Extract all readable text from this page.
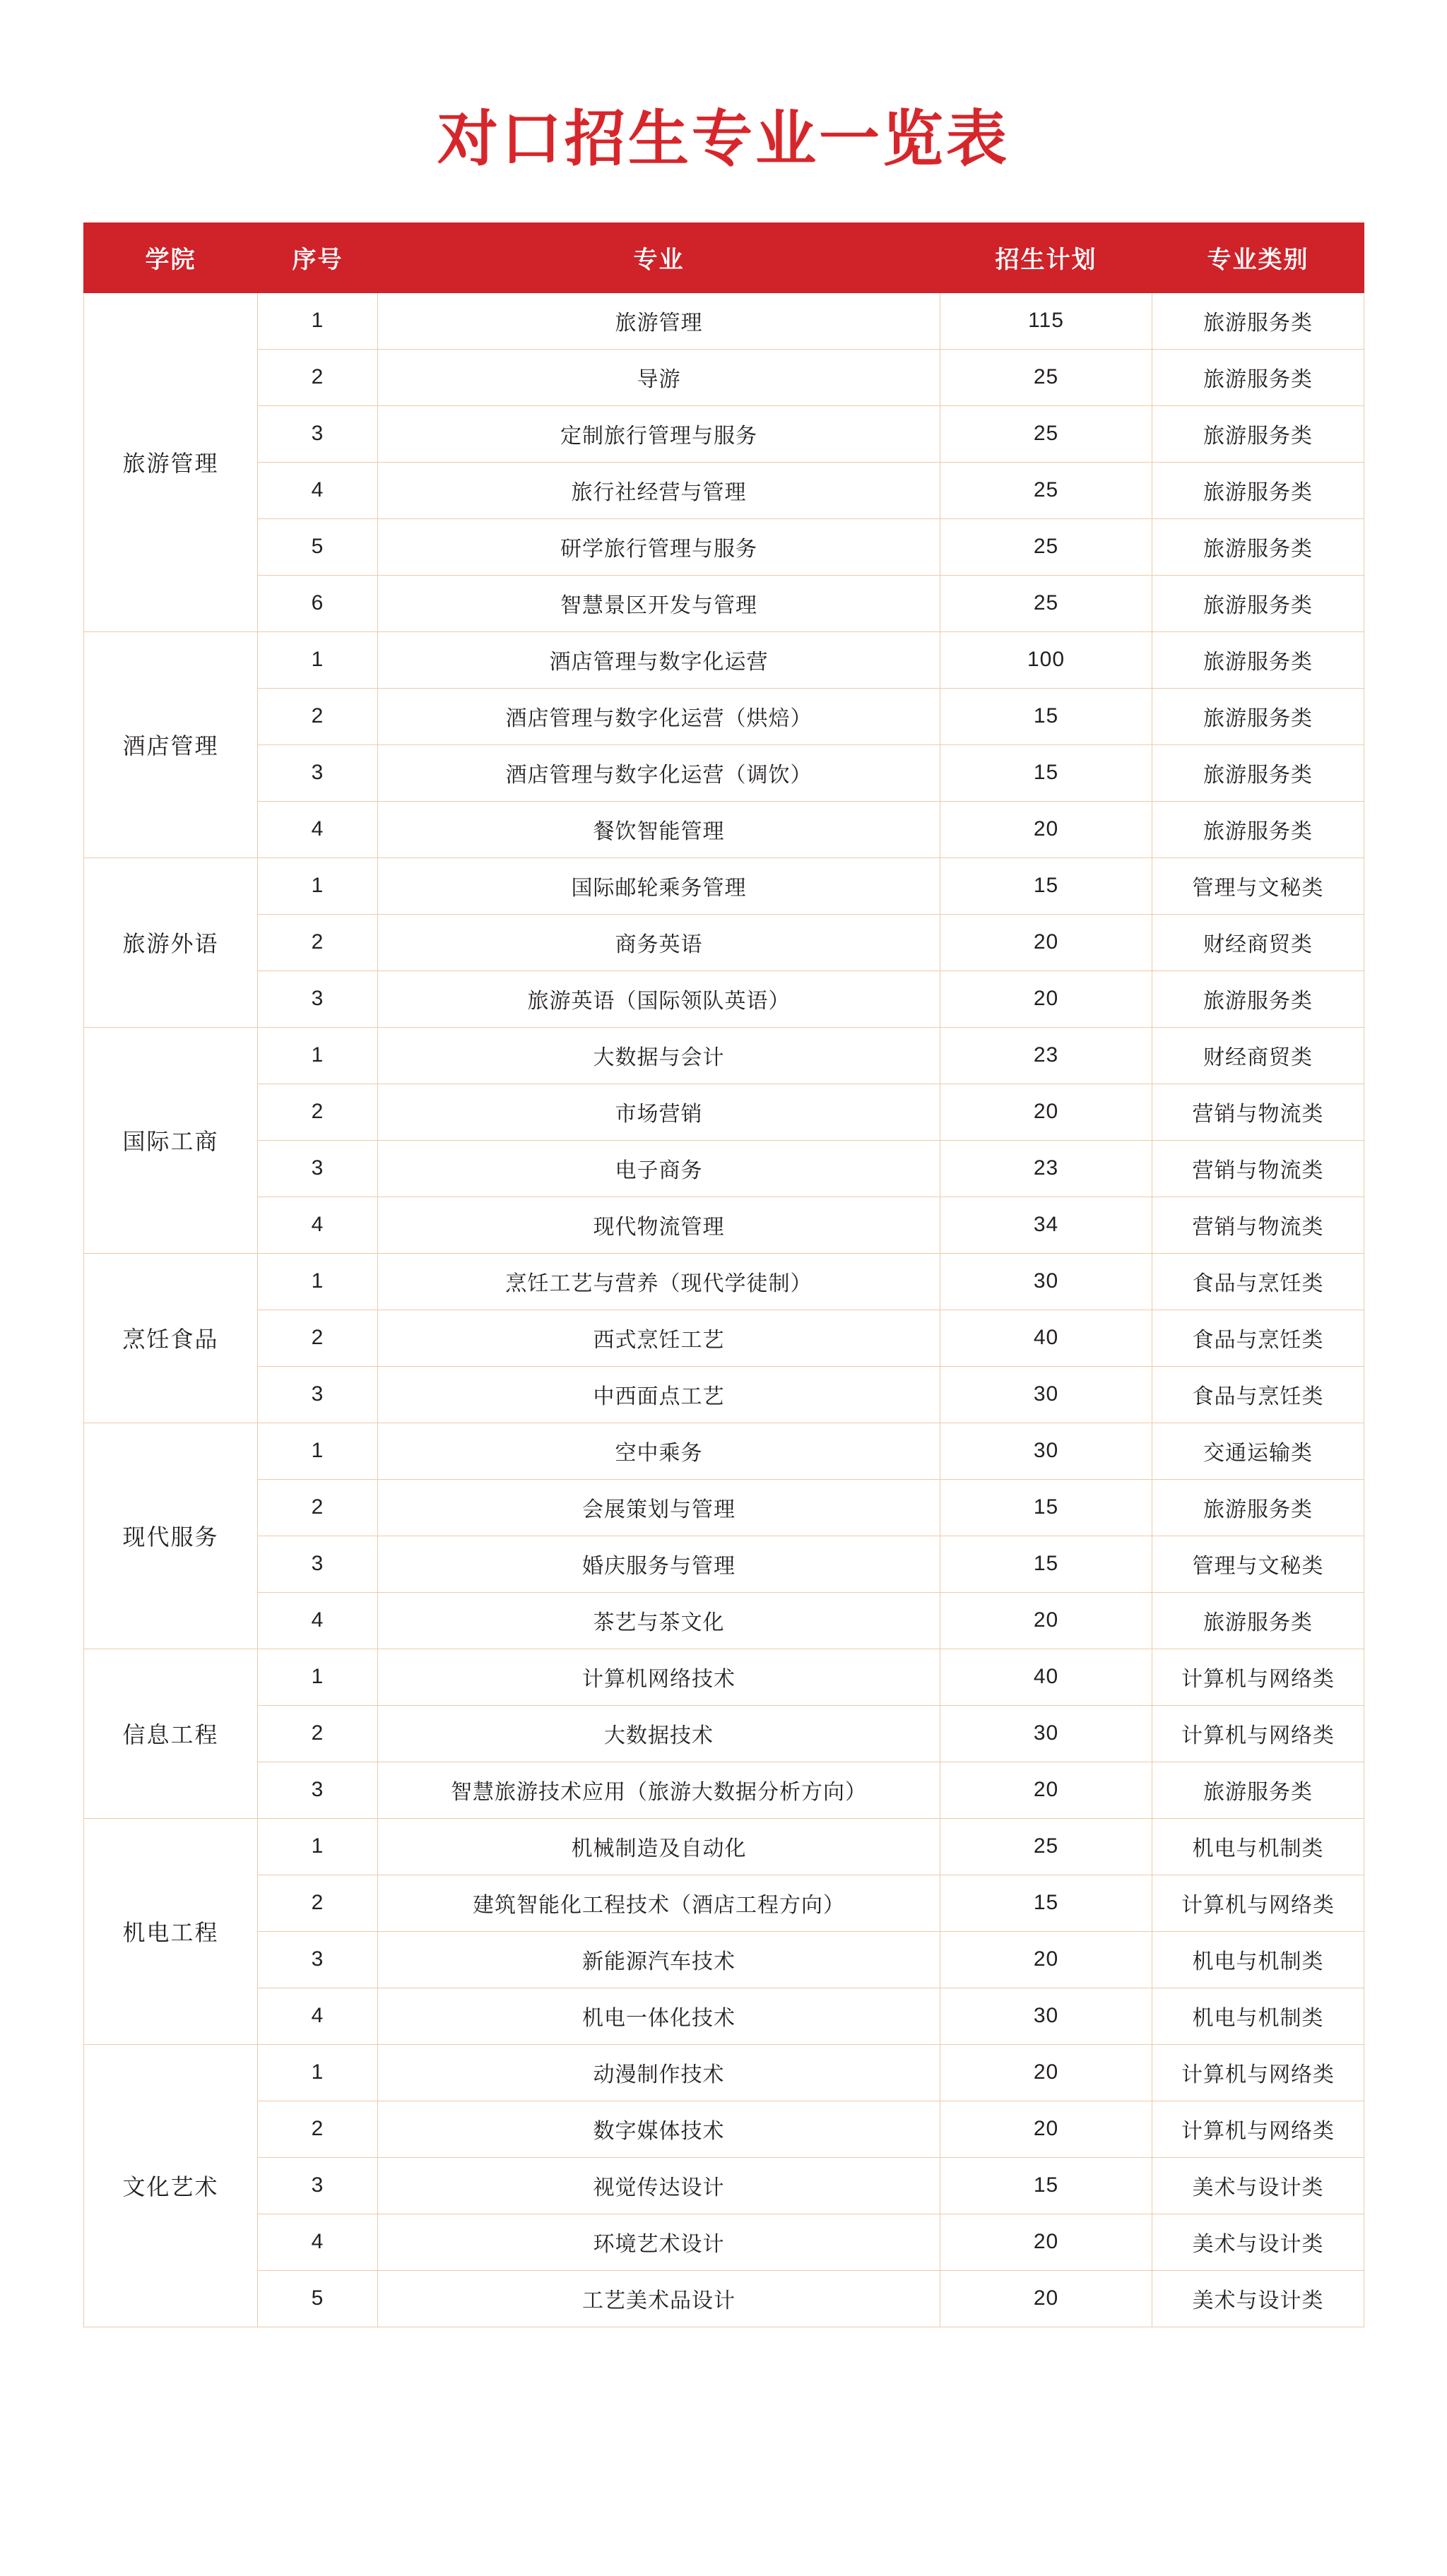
对口招生专业一览表
学院	序号	专业	招生计划	专业类别
旅游管理	1	旅游管理	115	旅游服务类
	2	导游	25	旅游服务类
	3	定制旅行管理与服务	25	旅游服务类
	4	旅行社经营与管理	25	旅游服务类
	5	研学旅行管理与服务	25	旅游服务类
	6	智慧景区开发与管理	25	旅游服务类
酒店管理	1	酒店管理与数字化运营	100	旅游服务类
	2	酒店管理与数字化运营（烘焙）	15	旅游服务类
	3	酒店管理与数字化运营（调饮）	15	旅游服务类
	4	餐饮智能管理	20	旅游服务类
旅游外语	1	国际邮轮乘务管理	15	管理与文秘类
	2	商务英语	20	财经商贸类
	3	旅游英语（国际领队英语）	20	旅游服务类
国际工商	1	大数据与会计	23	财经商贸类
	2	市场营销	20	营销与物流类
	3	电子商务	23	营销与物流类
	4	现代物流管理	34	营销与物流类
烹饪食品	1	烹饪工艺与营养（现代学徒制）	30	食品与烹饪类
	2	西式烹饪工艺	40	食品与烹饪类
	3	中西面点工艺	30	食品与烹饪类
现代服务	1	空中乘务	30	交通运输类
	2	会展策划与管理	15	旅游服务类
	3	婚庆服务与管理	15	管理与文秘类
	4	茶艺与茶文化	20	旅游服务类
信息工程	1	计算机网络技术	40	计算机与网络类
	2	大数据技术	30	计算机与网络类
	3	智慧旅游技术应用（旅游大数据分析方向）	20	旅游服务类
机电工程	1	机械制造及自动化	25	机电与机制类
	2	建筑智能化工程技术（酒店工程方向）	15	计算机与网络类
	3	新能源汽车技术	20	机电与机制类
	4	机电一体化技术	30	机电与机制类
文化艺术	1	动漫制作技术	20	计算机与网络类
	2	数字媒体技术	20	计算机与网络类
	3	视觉传达设计	15	美术与设计类
	4	环境艺术设计	20	美术与设计类
	5	工艺美术品设计	20	美术与设计类
